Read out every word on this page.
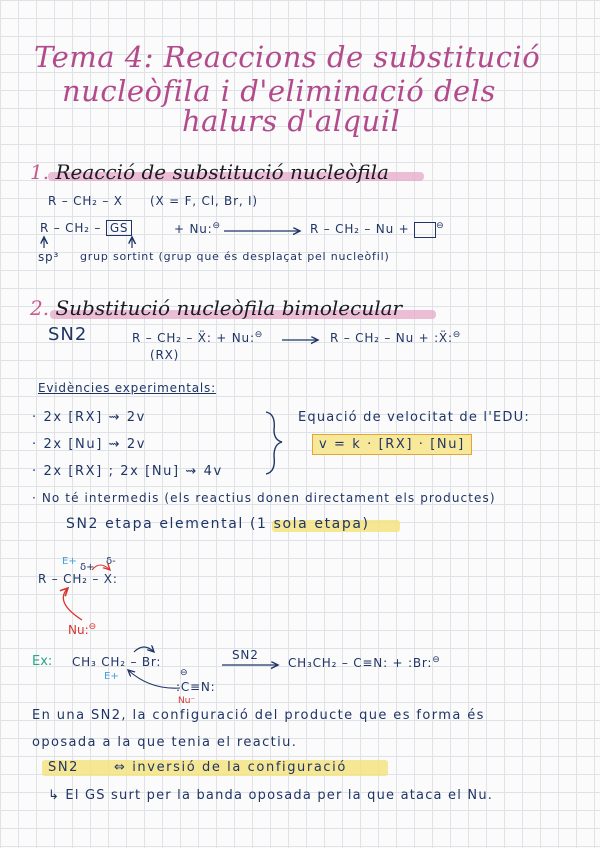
Tema 4: Reaccions de substitució
nucleòfila i d'eliminació dels
halurs d'alquil
1. Reacció de substitució nucleòfila
R – CH₂ – X (X = F, Cl, Br, I)
R – CH₂ – GS	+ Nu:⊖	R – CH₂ – Nu +	⊖
sp³ grup sortint (grup que és desplaçat pel nucleòfil)
2. Substitució nucleòfila bimolecular
SN2	R – CH₂ – Ẍ: + Nu:⊖
(RX)
R – CH₂ – Nu + :Ẍ:⊖
Evidències experimentals:
· 2x [RX] ⇝ 2v
· 2x [Nu] ⇝ 2v
· 2x [RX] ; 2x [Nu] ⇝ 4v
Equació de velocitat de l'EDU:
v = k · [RX] · [Nu]
· No té intermedis (els reactius donen directament els productes)
SN2 etapa elemental (1 sola etapa)
E+
δ+
δ-
R – CH₂ – X:
Nu:⊖
Ex: CH₃ CH₂ – Br:
E+	⊖
:C≡N:
Nu⁻
SN2
CH₃CH₂ – C≡N: + :Br:⊖
En una SN2, la configuració del producte que es forma és
oposada a la que tenia el reactiu.
SN2	⇔ inversió de la configuració
↳ El GS surt per la banda oposada per la que ataca el Nu.
